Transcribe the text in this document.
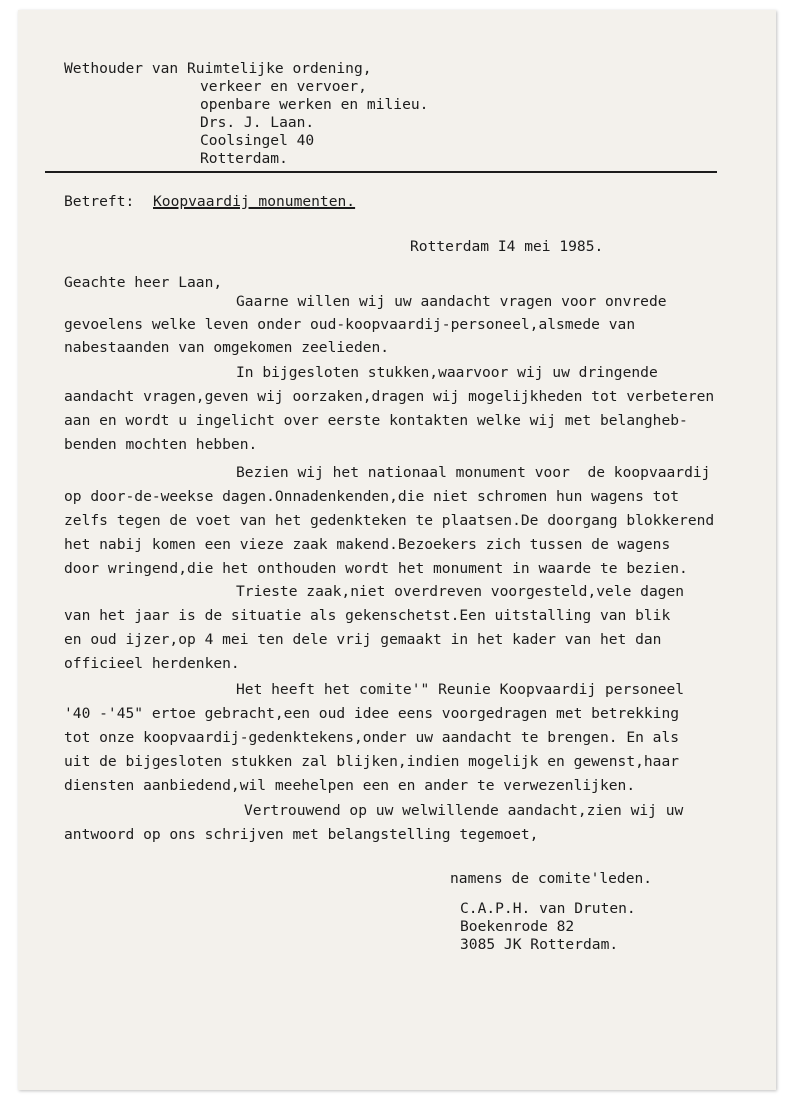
Wethouder van Ruimtelijke ordening,
verkeer en vervoer,
openbare werken en milieu.
Drs. J. Laan.
Coolsingel 40
Rotterdam.
Betreft: Koopvaardij monumenten.
Rotterdam I4 mei 1985.
Geachte heer Laan,
Gaarne willen wij uw aandacht vragen voor onvrede
gevoelens welke leven onder oud-koopvaardij-personeel,alsmede van
nabestaanden van omgekomen zeelieden.
In bijgesloten stukken,waarvoor wij uw dringende
aandacht vragen,geven wij oorzaken,dragen wij mogelijkheden tot verbeteren
aan en wordt u ingelicht over eerste kontakten welke wij met belangheb-
benden mochten hebben.
Bezien wij het nationaal monument voor  de koopvaardij
op door-de-weekse dagen.Onnadenkenden,die niet schromen hun wagens tot
zelfs tegen de voet van het gedenkteken te plaatsen.De doorgang blokkerend
het nabij komen een vieze zaak makend.Bezoekers zich tussen de wagens
door wringend,die het onthouden wordt het monument in waarde te bezien.
Trieste zaak,niet overdreven voorgesteld,vele dagen
van het jaar is de situatie als gekenschetst.Een uitstalling van blik
en oud ijzer,op 4 mei ten dele vrij gemaakt in het kader van het dan
officieel herdenken.
Het heeft het comite'" Reunie Koopvaardij personeel
'40 -'45" ertoe gebracht,een oud idee eens voorgedragen met betrekking
tot onze koopvaardij-gedenktekens,onder uw aandacht te brengen. En als
uit de bijgesloten stukken zal blijken,indien mogelijk en gewenst,haar
diensten aanbiedend,wil meehelpen een en ander te verwezenlijken.
Vertrouwend op uw welwillende aandacht,zien wij uw
antwoord op ons schrijven met belangstelling tegemoet,
namens de comite'leden.
C.A.P.H. van Druten.
Boekenrode 82
3085 JK Rotterdam.
